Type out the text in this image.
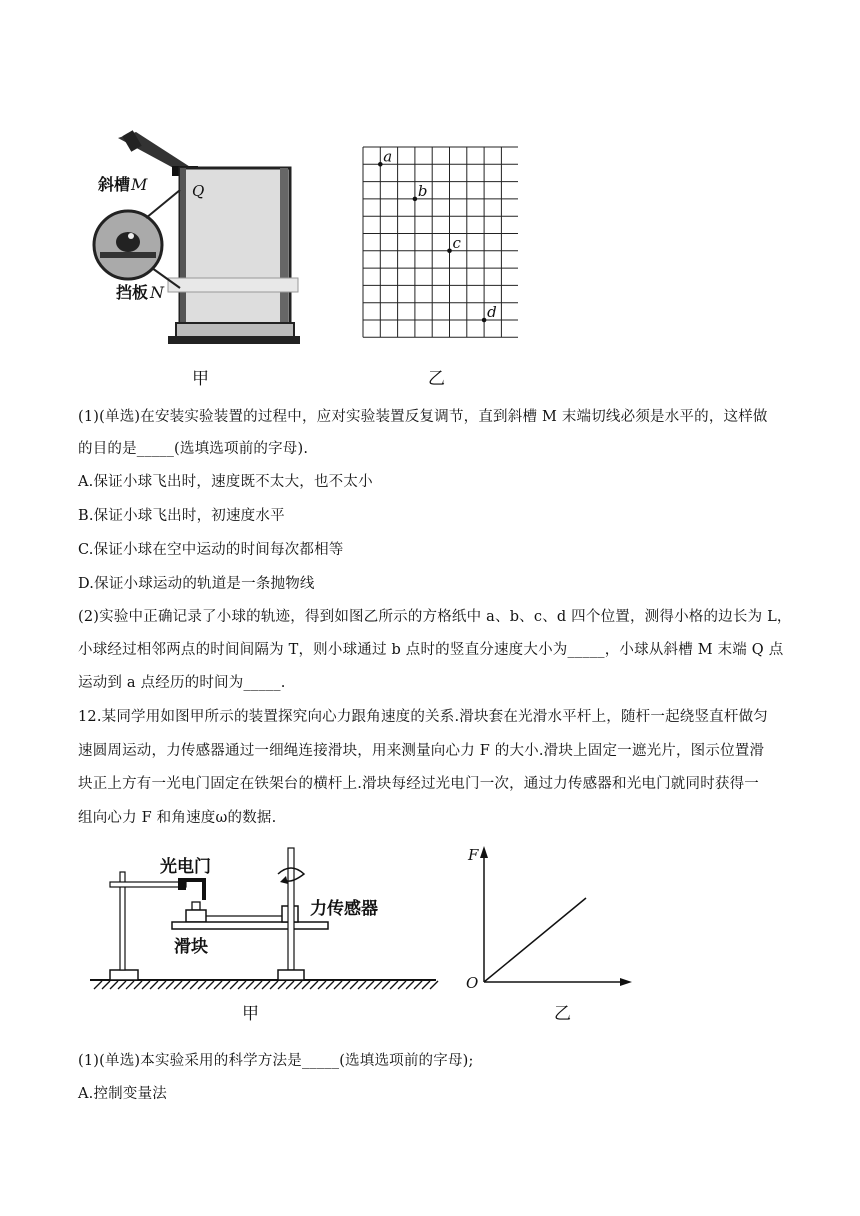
斜槽 M	Q
挡板 N
a
b
c
d
甲	乙
(1)(单选)在安装实验装置的过程中，应对实验装置反复调节，直到斜槽 M 末端切线必须是水平的，这样做
的目的是_____(选填选项前的字母).
A.保证小球飞出时，速度既不太大，也不太小
B.保证小球飞出时，初速度水平
C.保证小球在空中运动的时间每次都相等
D.保证小球运动的轨道是一条抛物线
(2)实验中正确记录了小球的轨迹，得到如图乙所示的方格纸中 a、b、c、d 四个位置，测得小格的边长为 L，
小球经过相邻两点的时间间隔为 T，则小球通过 b 点时的竖直分速度大小为_____，小球从斜槽 M 末端 Q 点
运动到 a 点经历的时间为_____.
12.某同学用如图甲所示的装置探究向心力跟角速度的关系.滑块套在光滑水平杆上，随杆一起绕竖直杆做匀
速圆周运动，力传感器通过一细绳连接滑块，用来测量向心力 F 的大小.滑块上固定一遮光片，图示位置滑
块正上方有一光电门固定在铁架台的横杆上.滑块每经过光电门一次，通过力传感器和光电门就同时获得一
组向心力 F 和角速度ω的数据.
光电门
力传感器
滑块
F
O
甲	乙
(1)(单选)本实验采用的科学方法是_____(选填选项前的字母);
A.控制变量法
